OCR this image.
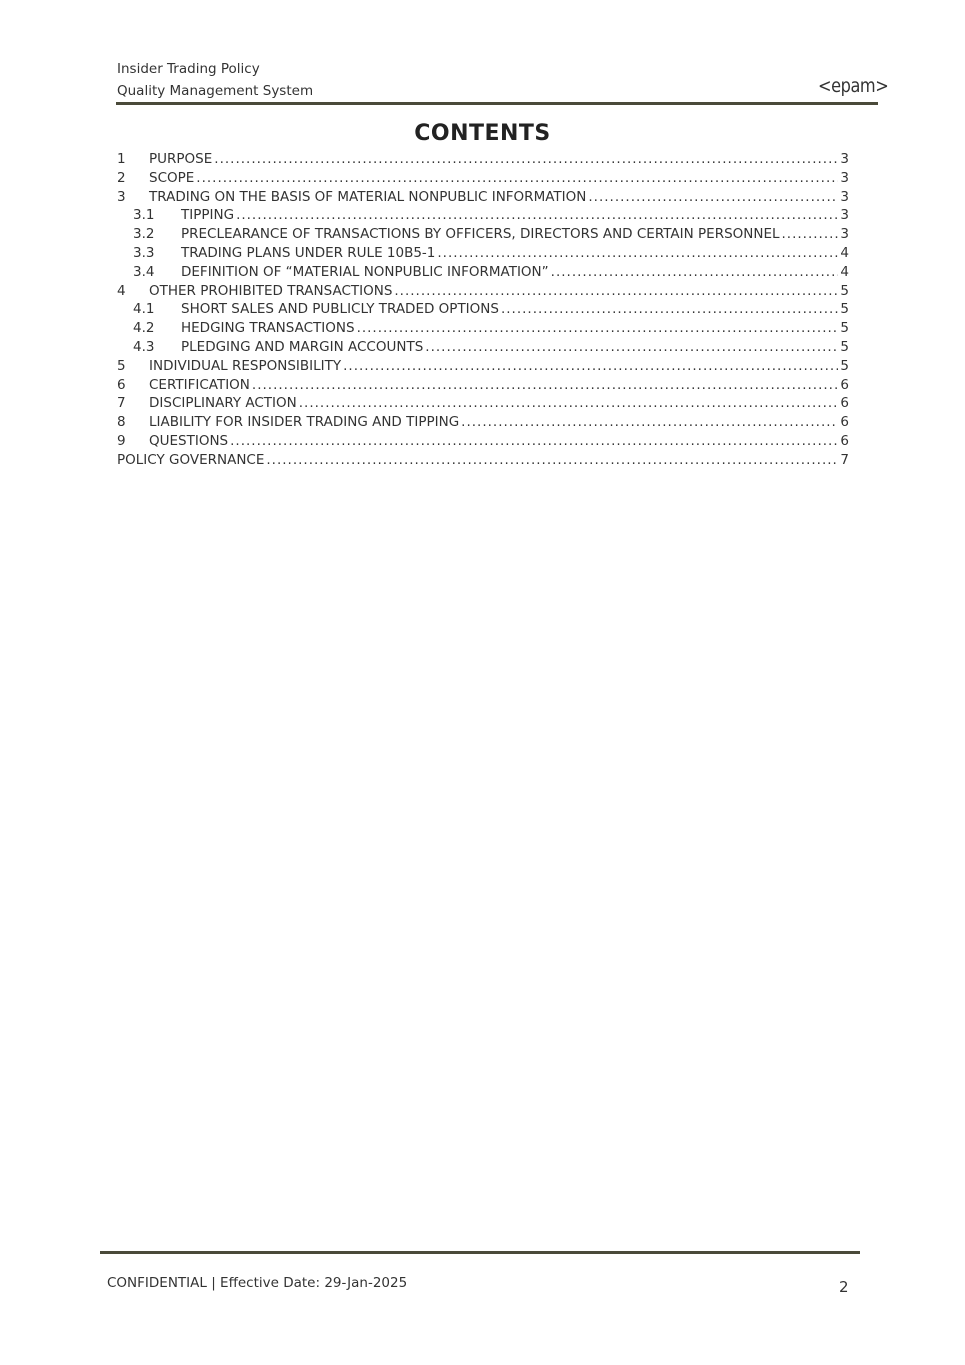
Insider Trading Policy
Quality Management System	<epam>
CONTENTS
1	PURPOSE .....	3
2	SCOPE .....	3
3	TRADING ON THE BASIS OF MATERIAL NONPUBLIC INFORMATION .....	3
3.1	TIPPING .....	3
3.2	PRECLEARANCE OF TRANSACTIONS BY OFFICERS, DIRECTORS AND CERTAIN PERSONNEL .....	3
3.3	TRADING PLANS UNDER RULE 10B5-1 .....	4
3.4	DEFINITION OF “MATERIAL NONPUBLIC INFORMATION” .....	4
4	OTHER PROHIBITED TRANSACTIONS .....	5
4.1	SHORT SALES AND PUBLICLY TRADED OPTIONS .....	5
4.2	HEDGING TRANSACTIONS .....	5
4.3	PLEDGING AND MARGIN ACCOUNTS .....	5
5	INDIVIDUAL RESPONSIBILITY .....	5
6	CERTIFICATION .....	6
7	DISCIPLINARY ACTION .....	6
8	LIABILITY FOR INSIDER TRADING AND TIPPING .....	6
9	QUESTIONS .....	6
POLICY GOVERNANCE .....	7
CONFIDENTIAL | Effective Date: 29-Jan-2025	2
